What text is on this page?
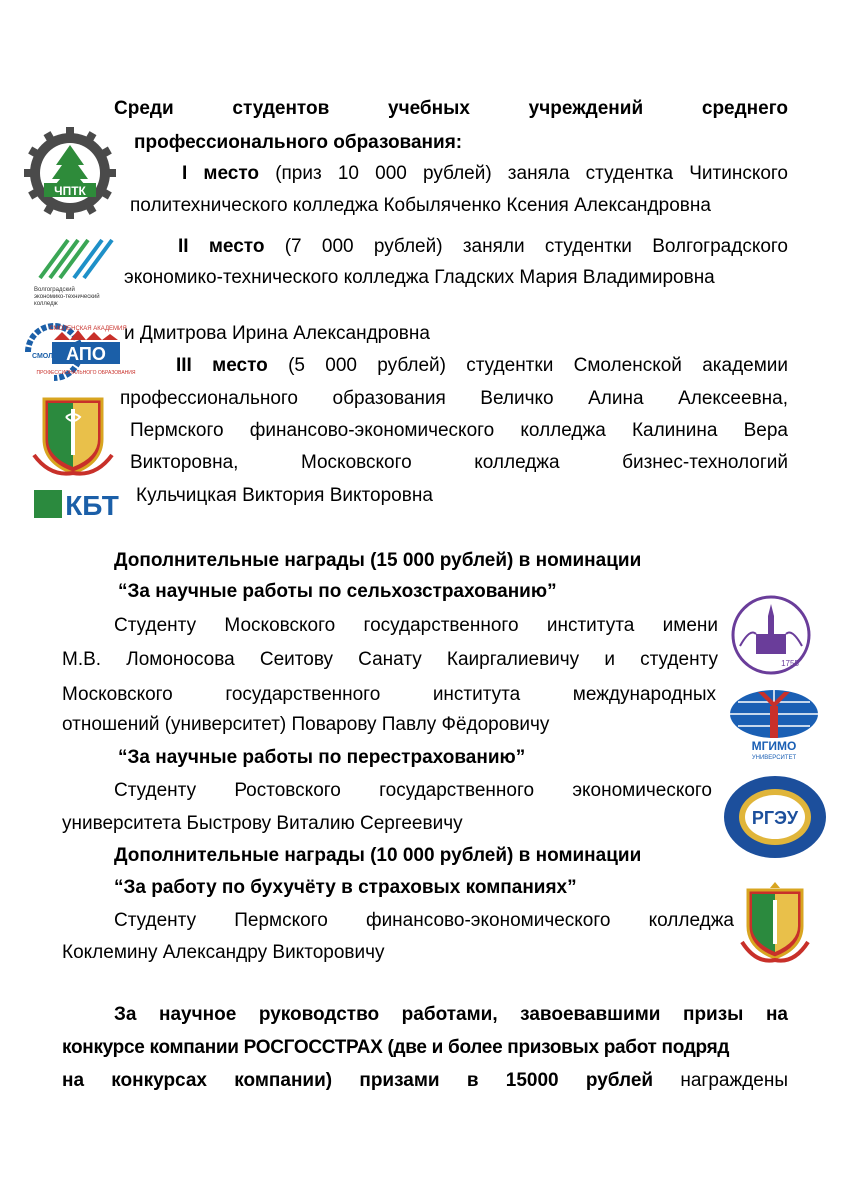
ЧПТК
Волгоградский экономико-технический колледж
СМОЛЕНСКАЯ АКАДЕМИЯ
АПО
СМОЛ
ПРОФЕССИОНАЛЬНОГО ОБРАЗОВАНИЯ
КБТ
1755
МГИМО
УНИВЕРСИТЕТ
РГЭУ
Среди студентов учебных учреждений среднего
профессионального образования:
I место (приз 10 000 рублей) заняла студентка Читинского
политехнического колледжа Кобыляченко Ксения Александровна
II место (7 000 рублей) заняли студентки Волгоградского
экономико-технического колледжа Гладских Мария Владимировна
и Дмитрова Ирина Александровна
III место (5 000 рублей) студентки Смоленской академии
профессионального образования Величко Алина Алексеевна,
Пермского финансово-экономического колледжа Калинина Вера
Викторовна, Московского колледжа бизнес-технологий
Кульчицкая Виктория Викторовна
Дополнительные награды (15 000 рублей) в номинации
“За научные работы по сельхозстрахованию”
Студенту Московского государственного института имени
М.В. Ломоносова Сеитову Санату Каиргалиевичу и студенту
Московского государственного института международных
отношений (университет) Поварову Павлу Фёдоровичу
“За научные работы по перестрахованию”
Студенту Ростовского государственного экономического
университета Быстрову Виталию Сергеевичу
Дополнительные награды (10 000 рублей) в номинации
“За работу по бухучёту в страховых компаниях”
Студенту Пермского финансово-экономического колледжа
Коклемину Александру Викторовичу
За научное руководство работами, завоевавшими призы на
конкурсе компании РОСГОССТРАХ (две и более призовых работ подряд
на конкурсах компании) призами в 15000 рублей награждены
